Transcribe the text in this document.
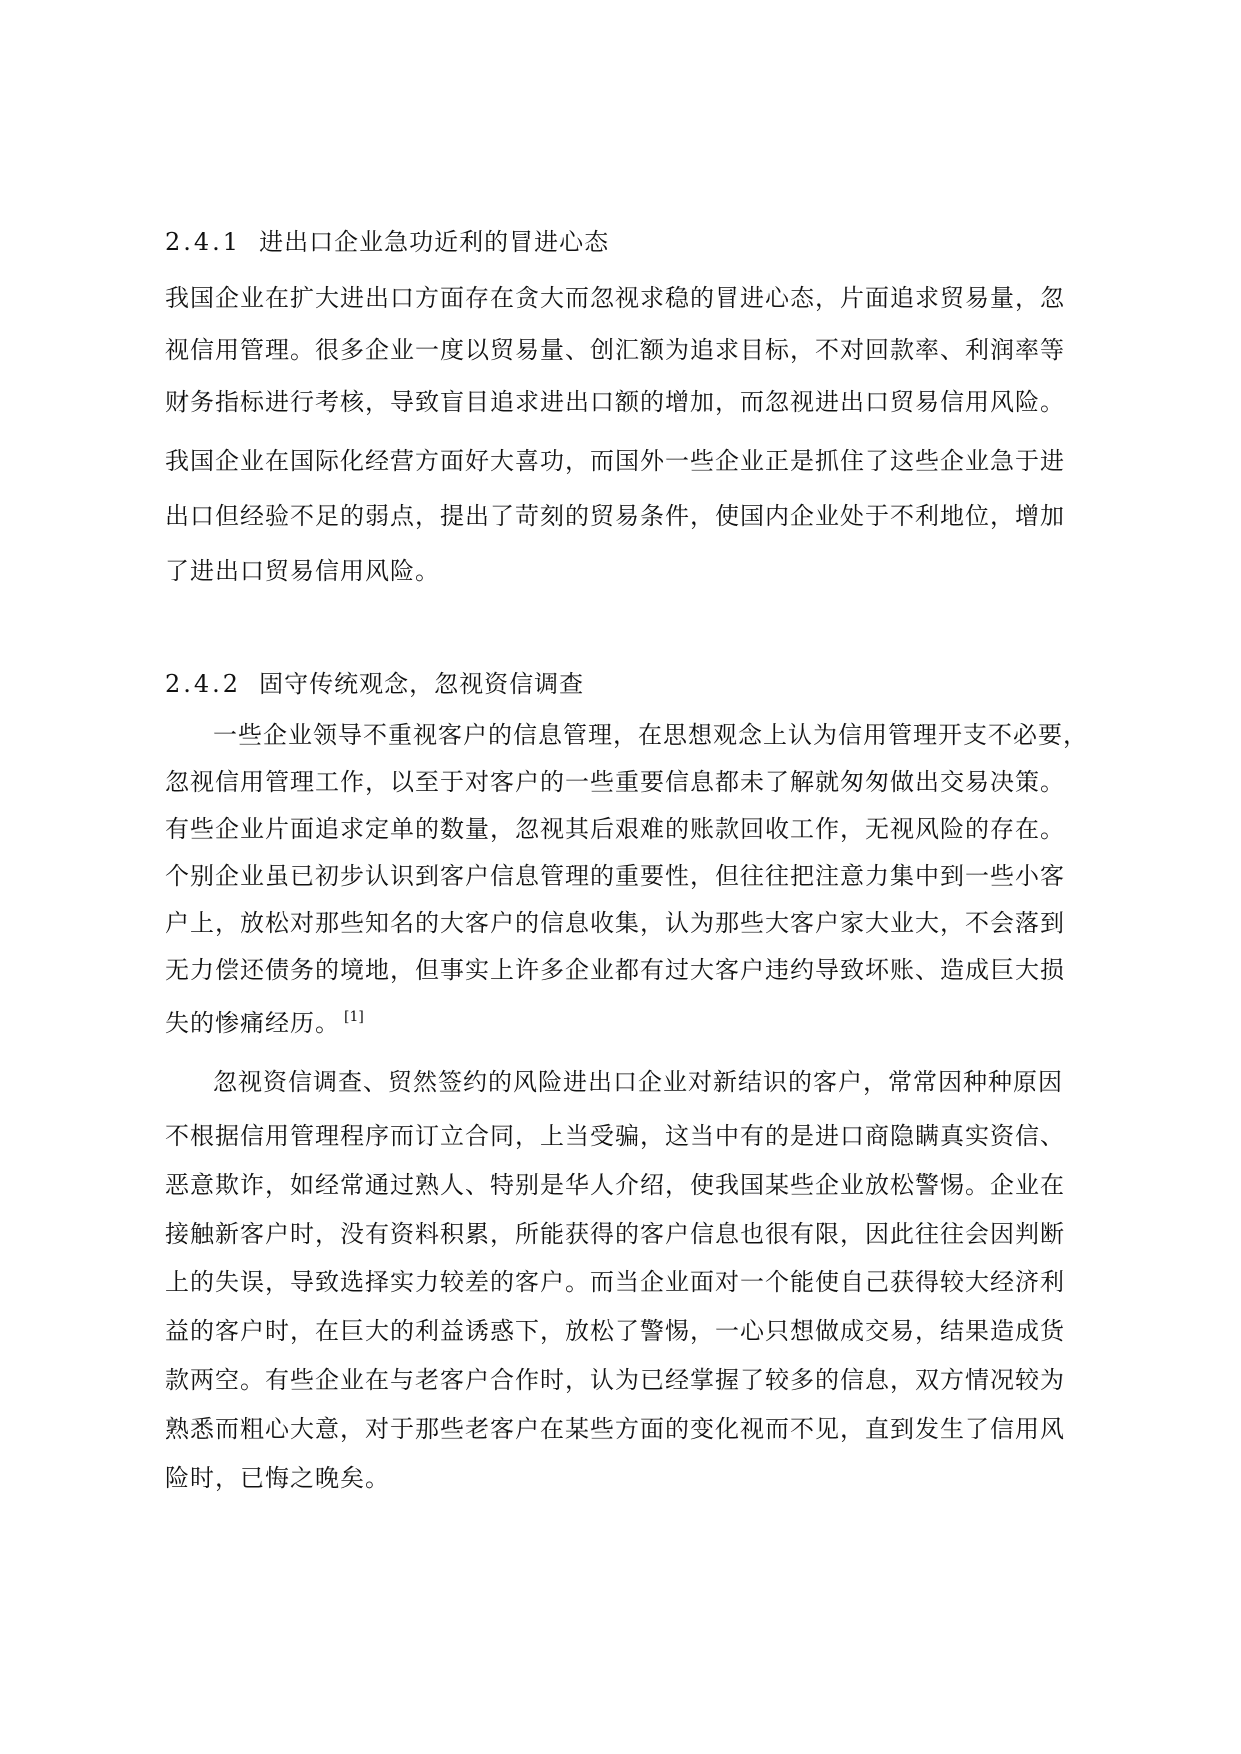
2.4.1 进出口企业急功近利的冒进心态
我国企业在扩大进出口方面存在贪大而忽视求稳的冒进心态，片面追求贸易量，忽
视信用管理。很多企业一度以贸易量、创汇额为追求目标，不对回款率、利润率等
财务指标进行考核，导致盲目追求进出口额的增加，而忽视进出口贸易信用风险。
我国企业在国际化经营方面好大喜功，而国外一些企业正是抓住了这些企业急于进
出口但经验不足的弱点，提出了苛刻的贸易条件，使国内企业处于不利地位，增加
了进出口贸易信用风险。
2.4.2 固守传统观念，忽视资信调查
一些企业领导不重视客户的信息管理，在思想观念上认为信用管理开支不必要，
忽视信用管理工作，以至于对客户的一些重要信息都未了解就匆匆做出交易决策。
有些企业片面追求定单的数量，忽视其后艰难的账款回收工作，无视风险的存在。
个别企业虽已初步认识到客户信息管理的重要性，但往往把注意力集中到一些小客
户上，放松对那些知名的大客户的信息收集，认为那些大客户家大业大，不会落到
无力偿还债务的境地，但事实上许多企业都有过大客户违约导致坏账、造成巨大损
失的惨痛经历。 [1]
忽视资信调查、贸然签约的风险进出口企业对新结识的客户，常常因种种原因
不根据信用管理程序而订立合同，上当受骗，这当中有的是进口商隐瞒真实资信、
恶意欺诈，如经常通过熟人、特别是华人介绍，使我国某些企业放松警惕。企业在
接触新客户时，没有资料积累，所能获得的客户信息也很有限，因此往往会因判断
上的失误，导致选择实力较差的客户。而当企业面对一个能使自己获得较大经济利
益的客户时，在巨大的利益诱惑下，放松了警惕，一心只想做成交易，结果造成货
款两空。有些企业在与老客户合作时，认为已经掌握了较多的信息，双方情况较为
熟悉而粗心大意，对于那些老客户在某些方面的变化视而不见，直到发生了信用风
险时，已悔之晚矣。
